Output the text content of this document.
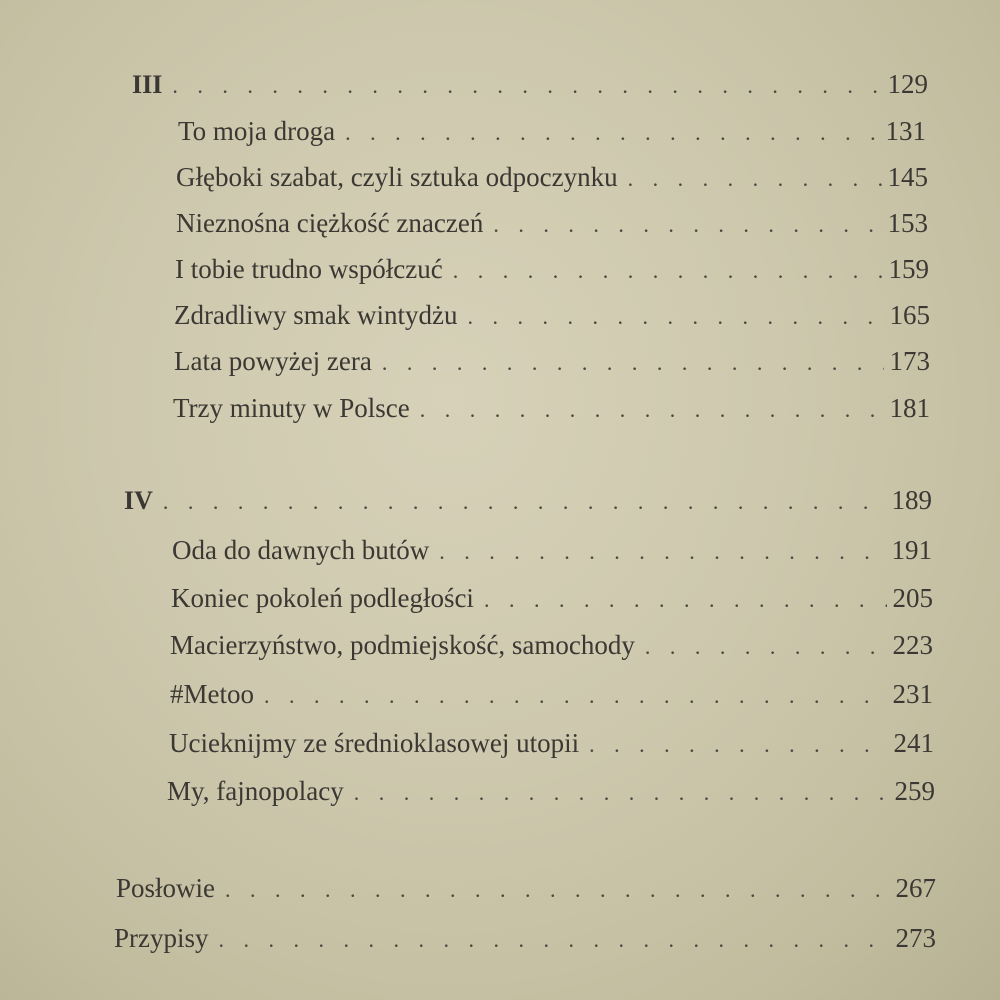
III . . .	129
To moja droga . . .	131
Głęboki szabat, czyli sztuka odpoczynku . . .	145
Nieznośna ciężkość znaczeń . . .	153
I tobie trudno współczuć . . .	159
Zdradliwy smak wintydżu . . .	165
Lata powyżej zera . . .	173
Trzy minuty w Polsce . . .	181
IV . . .	189
Oda do dawnych butów . . .	191
Koniec pokoleń podległości . . .	205
Macierzyństwo, podmiejskość, samochody . . .	223
#Metoo . . .	231
Ucieknijmy ze średnioklasowej utopii . . .	241
My, fajnopolacy . . .	259
Posłowie . . .	267
Przypisy . . .	273
